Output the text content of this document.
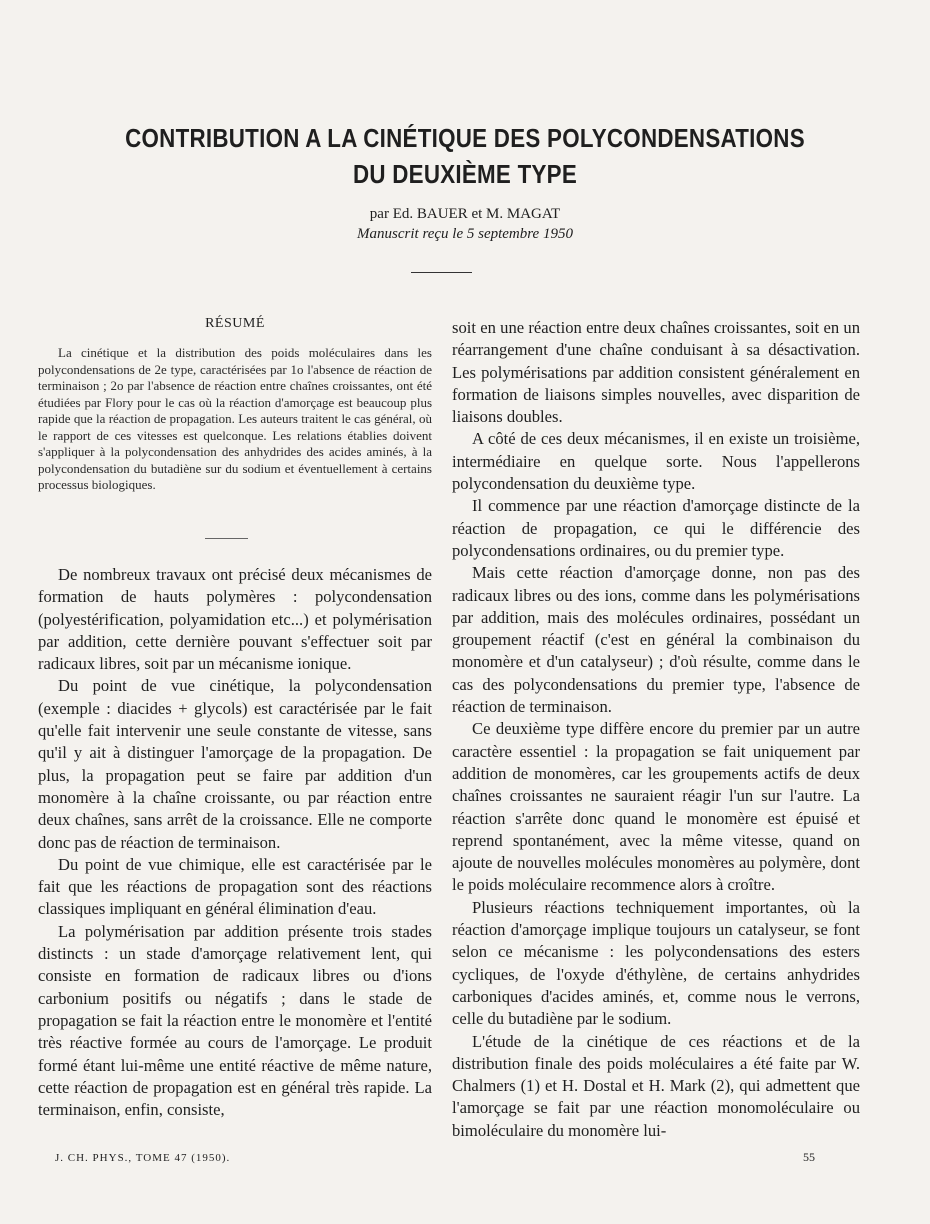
CONTRIBUTION A LA CINÉTIQUE DES POLYCONDENSATIONS
DU DEUXIÈME TYPE
par Ed. BAUER et M. MAGAT
Manuscrit reçu le 5 septembre 1950
RÉSUMÉ

La cinétique et la distribution des poids moléculaires dans les polycondensations de 2e type, caractérisées par 1o l'absence de réaction de terminaison ; 2o par l'absence de réaction entre chaînes croissantes, ont été étudiées par Flory pour le cas où la réaction d'amorçage est beaucoup plus rapide que la réaction de propagation. Les auteurs traitent le cas général, où le rapport de ces vitesses est quelconque. Les relations établies doivent s'appliquer à la polycondensation des anhydrides des acides aminés, à la polycondensation du butadiène sur du sodium et éventuellement à certains processus biologiques.

De nombreux travaux ont précisé deux mécanismes de formation de hauts polymères : polycondensation (polyestérification, polyamidation etc...) et polymérisation par addition, cette dernière pouvant s'effectuer soit par radicaux libres, soit par un mécanisme ionique.

Du point de vue cinétique, la polycondensation (exemple : diacides + glycols) est caractérisée par le fait qu'elle fait intervenir une seule constante de vitesse, sans qu'il y ait à distinguer l'amorçage de la propagation. De plus, la propagation peut se faire par addition d'un monomère à la chaîne croissante, ou par réaction entre deux chaînes, sans arrêt de la croissance. Elle ne comporte donc pas de réaction de terminaison.

Du point de vue chimique, elle est caractérisée par le fait que les réactions de propagation sont des réactions classiques impliquant en général élimination d'eau.

La polymérisation par addition présente trois stades distincts : un stade d'amorçage relativement lent, qui consiste en formation de radicaux libres ou d'ions carbonium positifs ou négatifs ; dans le stade de propagation se fait la réaction entre le monomère et l'entité très réactive formée au cours de l'amorçage. Le produit formé étant lui-même une entité réactive de même nature, cette réaction de propagation est en général très rapide. La terminaison, enfin, consiste,

soit en une réaction entre deux chaînes croissantes, soit en un réarrangement d'une chaîne conduisant à sa désactivation. Les polymérisations par addition consistent généralement en formation de liaisons simples nouvelles, avec disparition de liaisons doubles.

A côté de ces deux mécanismes, il en existe un troisième, intermédiaire en quelque sorte. Nous l'appellerons polycondensation du deuxième type.

Il commence par une réaction d'amorçage distincte de la réaction de propagation, ce qui le différencie des polycondensations ordinaires, ou du premier type.

Mais cette réaction d'amorçage donne, non pas des radicaux libres ou des ions, comme dans les polymérisations par addition, mais des molécules ordinaires, possédant un groupement réactif (c'est en général la combinaison du monomère et d'un catalyseur) ; d'où résulte, comme dans le cas des polycondensations du premier type, l'absence de réaction de terminaison.

Ce deuxième type diffère encore du premier par un autre caractère essentiel : la propagation se fait uniquement par addition de monomères, car les groupements actifs de deux chaînes croissantes ne sauraient réagir l'un sur l'autre. La réaction s'arrête donc quand le monomère est épuisé et reprend spontanément, avec la même vitesse, quand on ajoute de nouvelles molécules monomères au polymère, dont le poids moléculaire recommence alors à croître.

Plusieurs réactions techniquement importantes, où la réaction d'amorçage implique toujours un catalyseur, se font selon ce mécanisme : les polycondensations des esters cycliques, de l'oxyde d'éthylène, de certains anhydrides carboniques d'acides aminés, et, comme nous le verrons, celle du butadiène par le sodium.

L'étude de la cinétique de ces réactions et de la distribution finale des poids moléculaires a été faite par W. Chalmers (1) et H. Dostal et H. Mark (2), qui admettent que l'amorçage se fait par une réaction monomoléculaire ou bimoléculaire du monomère lui-

J. CH. PHYS., TOME 47 (1950).	55
